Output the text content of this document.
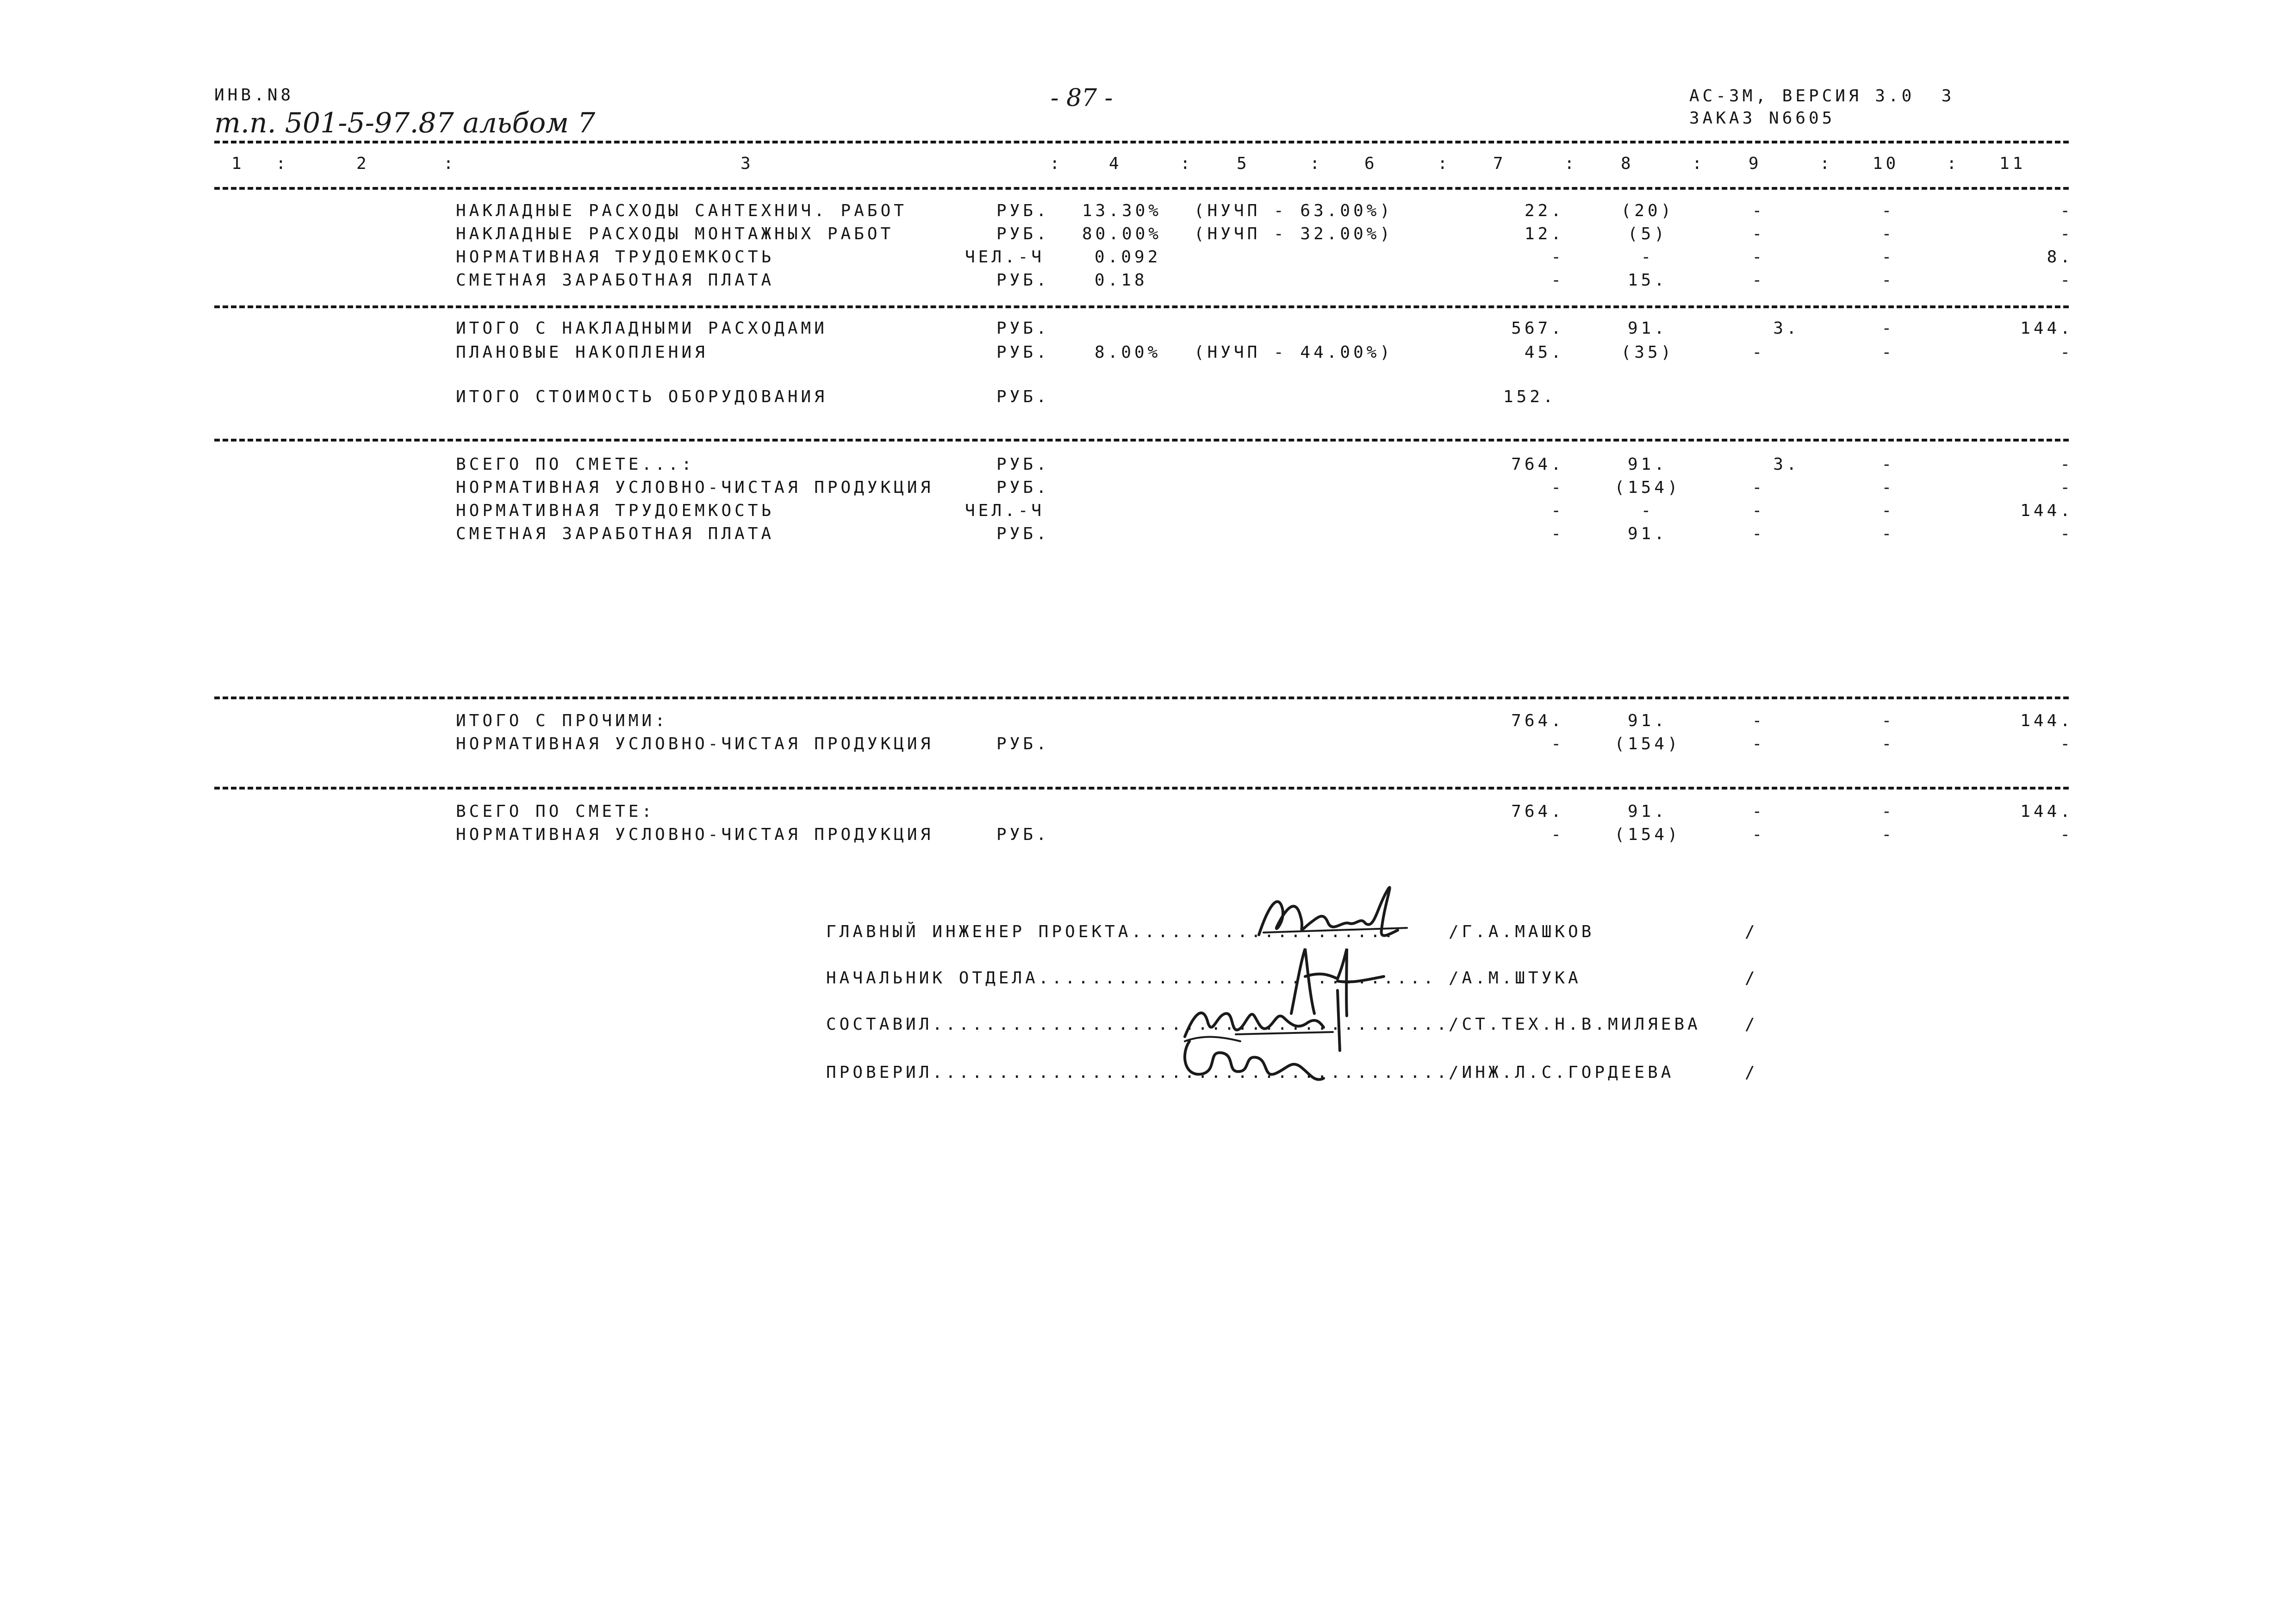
ИНВ.N8
т.п. 501-5-97.87 альбом 7
- 87 -	АС-3М, ВЕРСИЯ 3.0  3
ЗАКАЗ N6605
1 :	2	:	3	:	4	:	5	: 6	:	7	:	8	:	9	: 10	: 11
НАКЛАДНЫЕ РАСХОДЫ САНТЕХНИЧ. РАБОТ	РУБ. 13.30% (НУЧП - 63.00%)	22.	(20)	-	-	-
НАКЛАДНЫЕ РАСХОДЫ МОНТАЖНЫХ РАБОТ	РУБ. 80.00% (НУЧП - 32.00%)	12.	(5)	-	-	-
НОРМАТИВНАЯ ТРУДОЕМКОСТЬ	ЧЕЛ.-Ч	0.092	-	-	-	-	8.
СМЕТНАЯ ЗАРАБОТНАЯ ПЛАТА	РУБ.	0.18	-	15.	-	-	-
ИТОГО С НАКЛАДНЫМИ РАСХОДАМИ	РУБ.	567.	91.	3.	-	144.
ПЛАНОВЫЕ НАКОПЛЕНИЯ	РУБ.	8.00% (НУЧП - 44.00%)	45.	(35)	-	-	-
ИТОГО СТОИМОСТЬ ОБОРУДОВАНИЯ	РУБ.	152.
ВСЕГО ПО СМЕТЕ...:	РУБ.	764.	91.	3.	-	-
НОРМАТИВНАЯ УСЛОВНО-ЧИСТАЯ ПРОДУКЦИЯ	РУБ.	-	(154)	-	-	-
НОРМАТИВНАЯ ТРУДОЕМКОСТЬ	ЧЕЛ.-Ч	-	-	-	-	144.
СМЕТНАЯ ЗАРАБОТНАЯ ПЛАТА	РУБ.	-	91.	-	-	-
ИТОГО С ПРОЧИМИ:	764.	91.	-	-	144.
НОРМАТИВНАЯ УСЛОВНО-ЧИСТАЯ ПРОДУКЦИЯ	РУБ.	-	(154)	-	-	-
ВСЕГО ПО СМЕТЕ:	764.	91.	-	-	144.
НОРМАТИВНАЯ УСЛОВНО-ЧИСТАЯ ПРОДУКЦИЯ	РУБ.	-	(154)	-	-	-
ГЛАВНЫЙ ИНЖЕНЕР ПРОЕКТА....................	/Г.А.МАШКОВ	/
НАЧАЛЬНИК ОТДЕЛА.............................. /А.М.ШТУКА	/
СОСТАВИЛ.......................................
/СТ.ТЕХ.Н.В.МИЛЯЕВА	/
ПРОВЕРИЛ.......................................
/ИНЖ.Л.С.ГОРДЕЕВА	/
